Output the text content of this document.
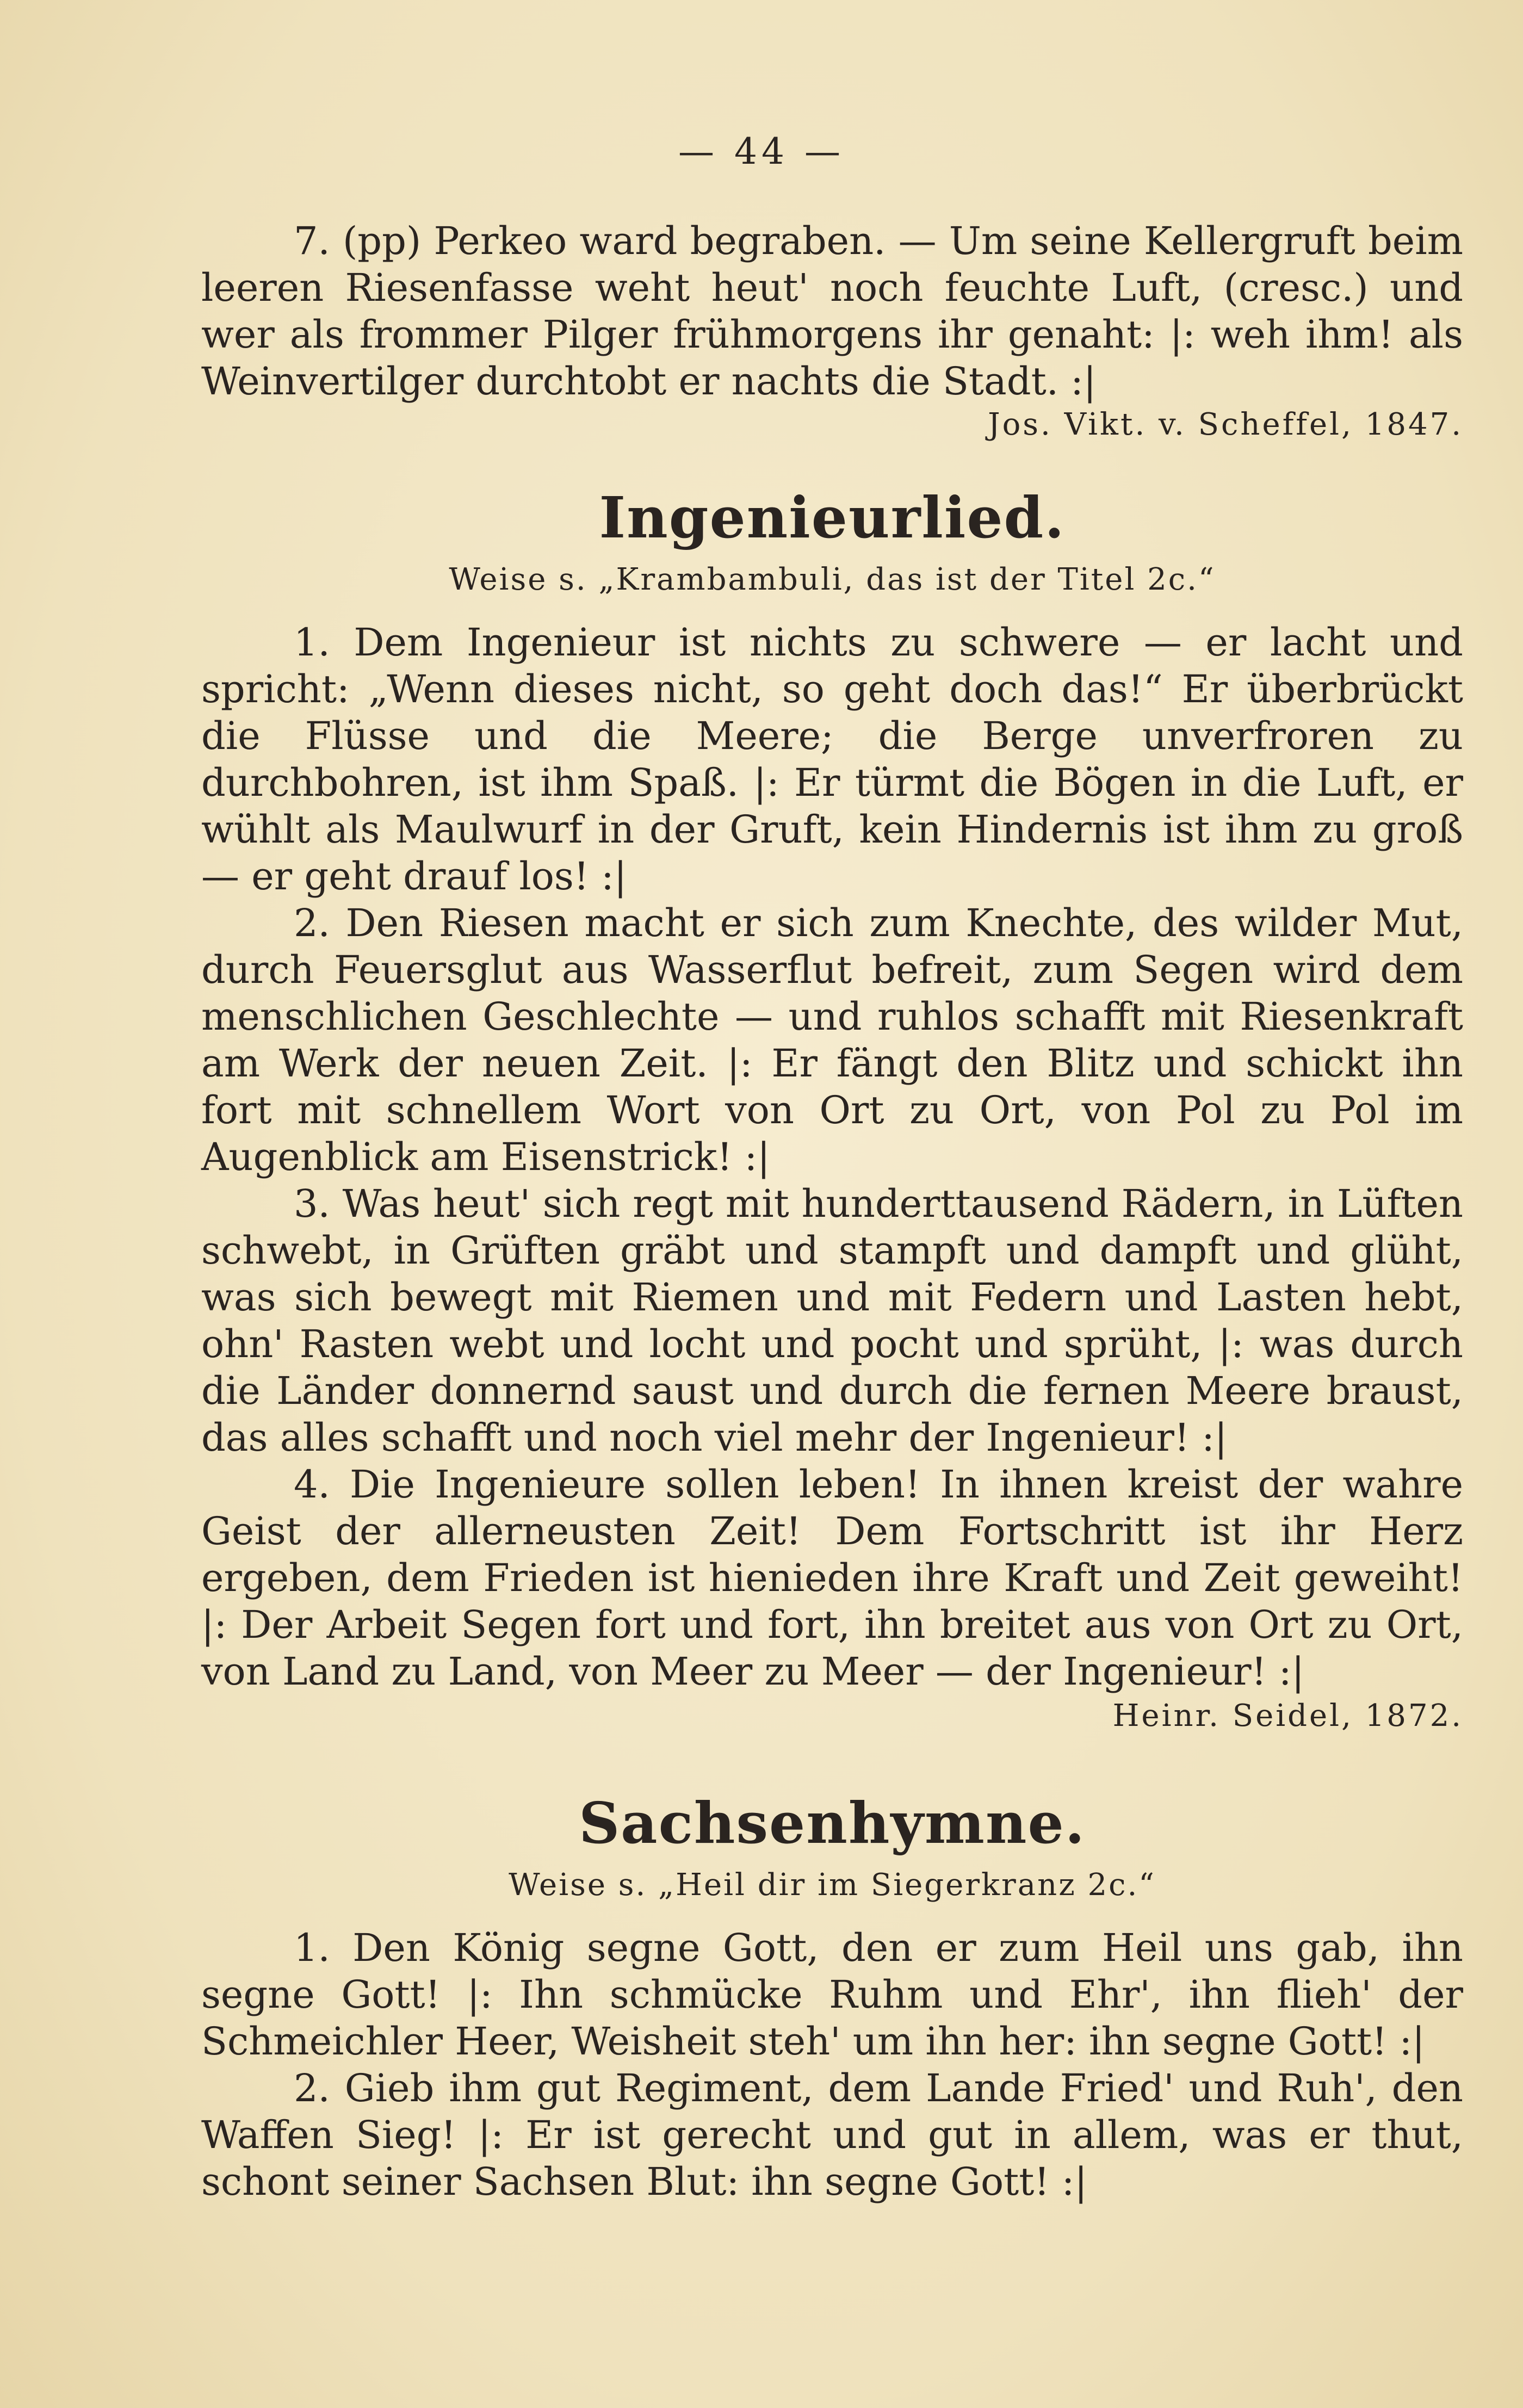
— 44 —

7. (pp) Perkeo ward begraben. — Um seine Kellergruft beim leeren Riesenfasse weht heut' noch feuchte Luft, (cresc.) und wer als frommer Pilger frühmorgens ihr genaht: |: weh ihm! als Weinvertilger durchtobt er nachts die Stadt. :|

Jos. Vikt. v. Scheffel, 1847.

Ingenieurlied.

Weise s. „Krambambuli, das ist der Titel 2c.“

1. Dem Ingenieur ist nichts zu schwere — er lacht und spricht: „Wenn dieses nicht, so geht doch das!“ Er überbrückt die Flüsse und die Meere; die Berge unverfroren zu durchbohren, ist ihm Spaß. |: Er türmt die Bögen in die Luft, er wühlt als Maulwurf in der Gruft, kein Hindernis ist ihm zu groß — er geht drauf los! :|

2. Den Riesen macht er sich zum Knechte, des wilder Mut, durch Feuersglut aus Wasserflut befreit, zum Segen wird dem menschlichen Geschlechte — und ruhlos schafft mit Riesenkraft am Werk der neuen Zeit. |: Er fängt den Blitz und schickt ihn fort mit schnellem Wort von Ort zu Ort, von Pol zu Pol im Augenblick am Eisenstrick! :|

3. Was heut' sich regt mit hunderttausend Rädern, in Lüften schwebt, in Grüften gräbt und stampft und dampft und glüht, was sich bewegt mit Riemen und mit Federn und Lasten hebt, ohn' Rasten webt und locht und pocht und sprüht, |: was durch die Länder donnernd saust und durch die fernen Meere braust, das alles schafft und noch viel mehr der Ingenieur! :|

4. Die Ingenieure sollen leben! In ihnen kreist der wahre Geist der allerneusten Zeit! Dem Fortschritt ist ihr Herz ergeben, dem Frieden ist hienieden ihre Kraft und Zeit geweiht! |: Der Arbeit Segen fort und fort, ihn breitet aus von Ort zu Ort, von Land zu Land, von Meer zu Meer — der Ingenieur! :|

Heinr. Seidel, 1872.

Sachsenhymne.

Weise s. „Heil dir im Siegerkranz 2c.“

1. Den König segne Gott, den er zum Heil uns gab, ihn segne Gott! |: Ihn schmücke Ruhm und Ehr', ihn flieh' der Schmeichler Heer, Weisheit steh' um ihn her: ihn segne Gott! :|

2. Gieb ihm gut Regiment, dem Lande Fried' und Ruh', den Waffen Sieg! |: Er ist gerecht und gut in allem, was er thut, schont seiner Sachsen Blut: ihn segne Gott! :|
